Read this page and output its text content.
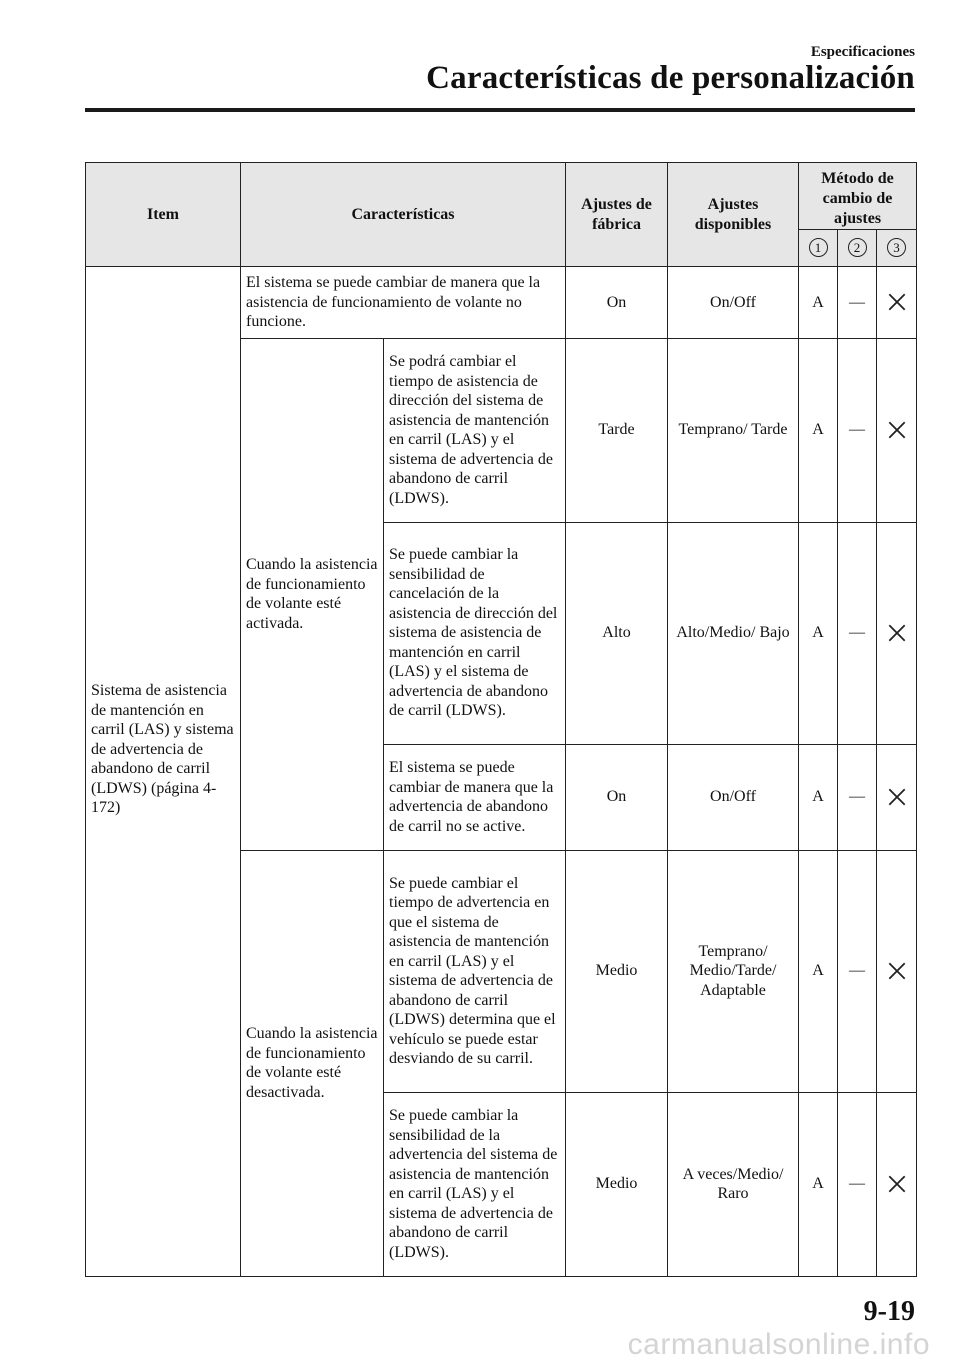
Especificaciones
Características de personalización
Item	Características		Ajustes de fábrica	Ajustes disponibles	Método de cambio de ajustes		
					1	2	3
Sistema de asistencia de mantención en carril (LAS) y sistema de advertencia de abandono de carril (LDWS) (página 4-172)	El sistema se puede cambiar de manera que la asistencia de funcionamiento de volante no funcione.		On	On/Off	A	—	
	Cuando la asistencia de funcionamiento de volante esté activada.	Se podrá cambiar el tiempo de asistencia de dirección del sistema de asistencia de mantención en carril (LAS) y el sistema de advertencia de abandono de carril (LDWS).	Tarde	Temprano/ Tarde	A	—	
		Se puede cambiar la sensibilidad de cancelación de la asistencia de dirección del sistema de asistencia de mantención en carril (LAS) y el sistema de advertencia de abandono de carril (LDWS).	Alto	Alto/Medio/ Bajo	A	—	
		El sistema se puede cambiar de manera que la advertencia de abandono de carril no se active.	On	On/Off	A	—	
	Cuando la asistencia de funcionamiento de volante esté desactivada.	Se puede cambiar el tiempo de advertencia en que el sistema de asistencia de mantención en carril (LAS) y el sistema de advertencia de abandono de carril (LDWS) determina que el vehículo se puede estar desviando de su carril.	Medio	Temprano/ Medio/Tarde/ Adaptable	A	—	
		Se puede cambiar la sensibilidad de la advertencia del sistema de asistencia de mantención en carril (LAS) y el sistema de advertencia de abandono de carril (LDWS).	Medio	A veces/Medio/ Raro	A	—	
9-19
carmanualsonline.info
